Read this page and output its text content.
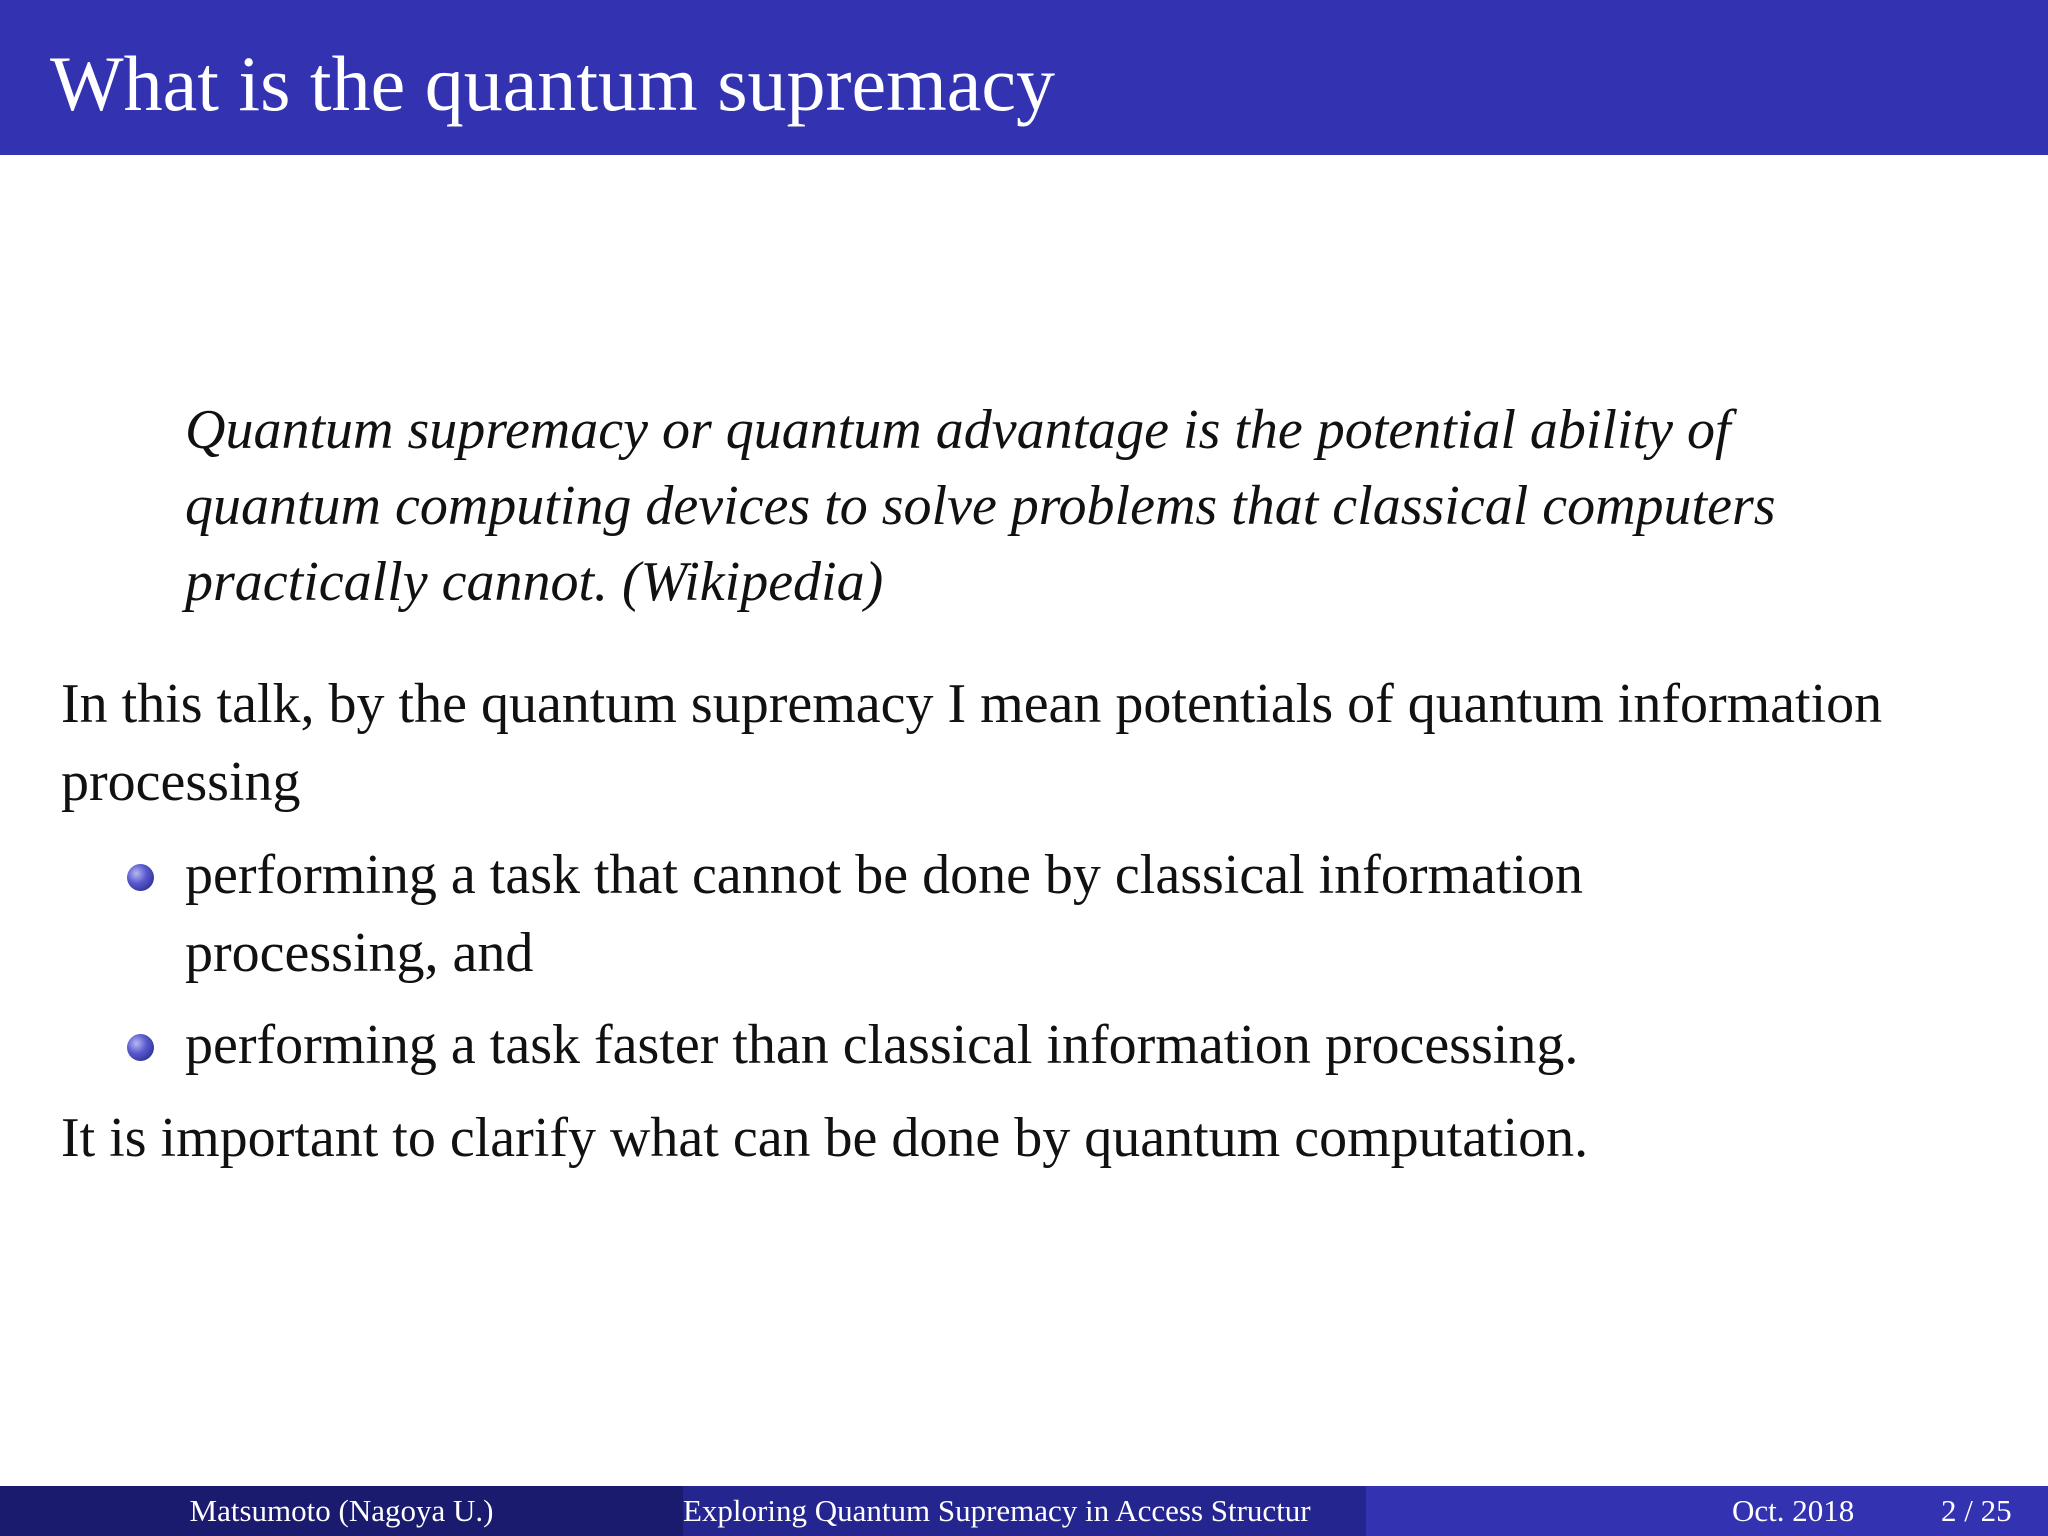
What is the quantum supremacy
Quantum supremacy or quantum advantage is the potential ability of quantum computing devices to solve problems that classical computers practically cannot. (Wikipedia)
In this talk, by the quantum supremacy I mean potentials of quantum information processing
performing a task that cannot be done by classical information processing, and
performing a task faster than classical information processing.
It is important to clarify what can be done by quantum computation.
Matsumoto (Nagoya U.)	Exploring Quantum Supremacy in Access Structur	Oct. 2018	2 / 25
